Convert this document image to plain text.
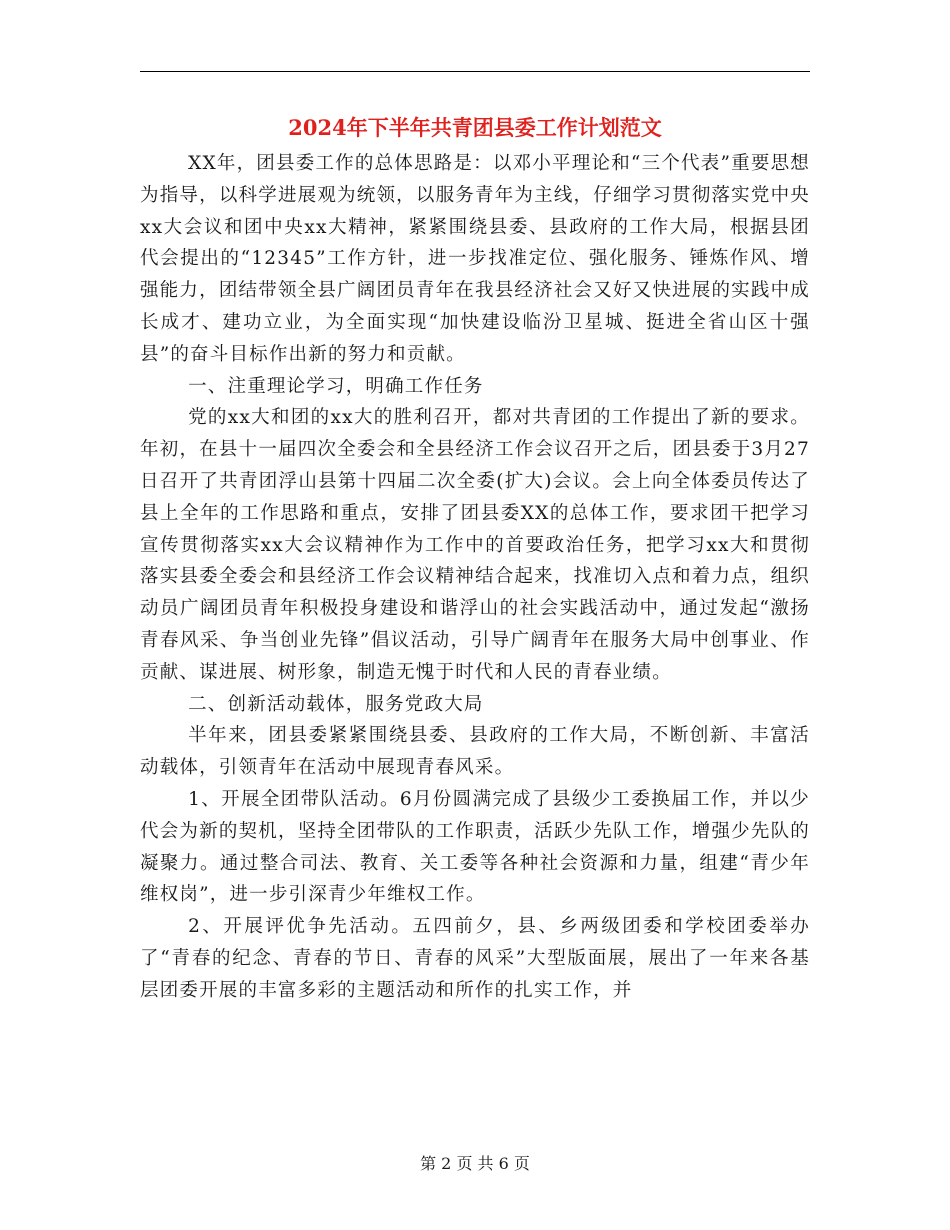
2024年下半年共青团县委工作计划范文

XX年，团县委工作的总体思路是：以邓小平理论和“三个代表”重要思想为指导，以科学进展观为统领，以服务青年为主线，仔细学习贯彻落实党中央xx大会议和团中央xx大精神，紧紧围绕县委、县政府的工作大局，根据县团代会提出的“12345”工作方针，进一步找准定位、强化服务、锤炼作风、增强能力，团结带领全县广阔团员青年在我县经济社会又好又快进展的实践中成长成才、建功立业，为全面实现“加快建设临汾卫星城、挺进全省山区十强县”的奋斗目标作出新的努力和贡献。

一、注重理论学习，明确工作任务

党的xx大和团的xx大的胜利召开，都对共青团的工作提出了新的要求。年初，在县十一届四次全委会和全县经济工作会议召开之后，团县委于3月27日召开了共青团浮山县第十四届二次全委(扩大)会议。会上向全体委员传达了县上全年的工作思路和重点，安排了团县委XX的总体工作，要求团干把学习宣传贯彻落实xx大会议精神作为工作中的首要政治任务，把学习xx大和贯彻落实县委全委会和县经济工作会议精神结合起来，找准切入点和着力点，组织动员广阔团员青年积极投身建设和谐浮山的社会实践活动中，通过发起“激扬青春风采、争当创业先锋”倡议活动，引导广阔青年在服务大局中创事业、作贡献、谋进展、树形象，制造无愧于时代和人民的青春业绩。

二、创新活动载体，服务党政大局

半年来，团县委紧紧围绕县委、县政府的工作大局，不断创新、丰富活动载体，引领青年在活动中展现青春风采。

1、开展全团带队活动。6月份圆满完成了县级少工委换届工作，并以少代会为新的契机，坚持全团带队的工作职责，活跃少先队工作，增强少先队的凝聚力。通过整合司法、教育、关工委等各种社会资源和力量，组建“青少年维权岗”，进一步引深青少年维权工作。

2、开展评优争先活动。五四前夕，县、乡两级团委和学校团委举办了“青春的纪念、青春的节日、青春的风采”大型版面展，展出了一年来各基层团委开展的丰富多彩的主题活动和所作的扎实工作，并

第 2 页 共 6 页
